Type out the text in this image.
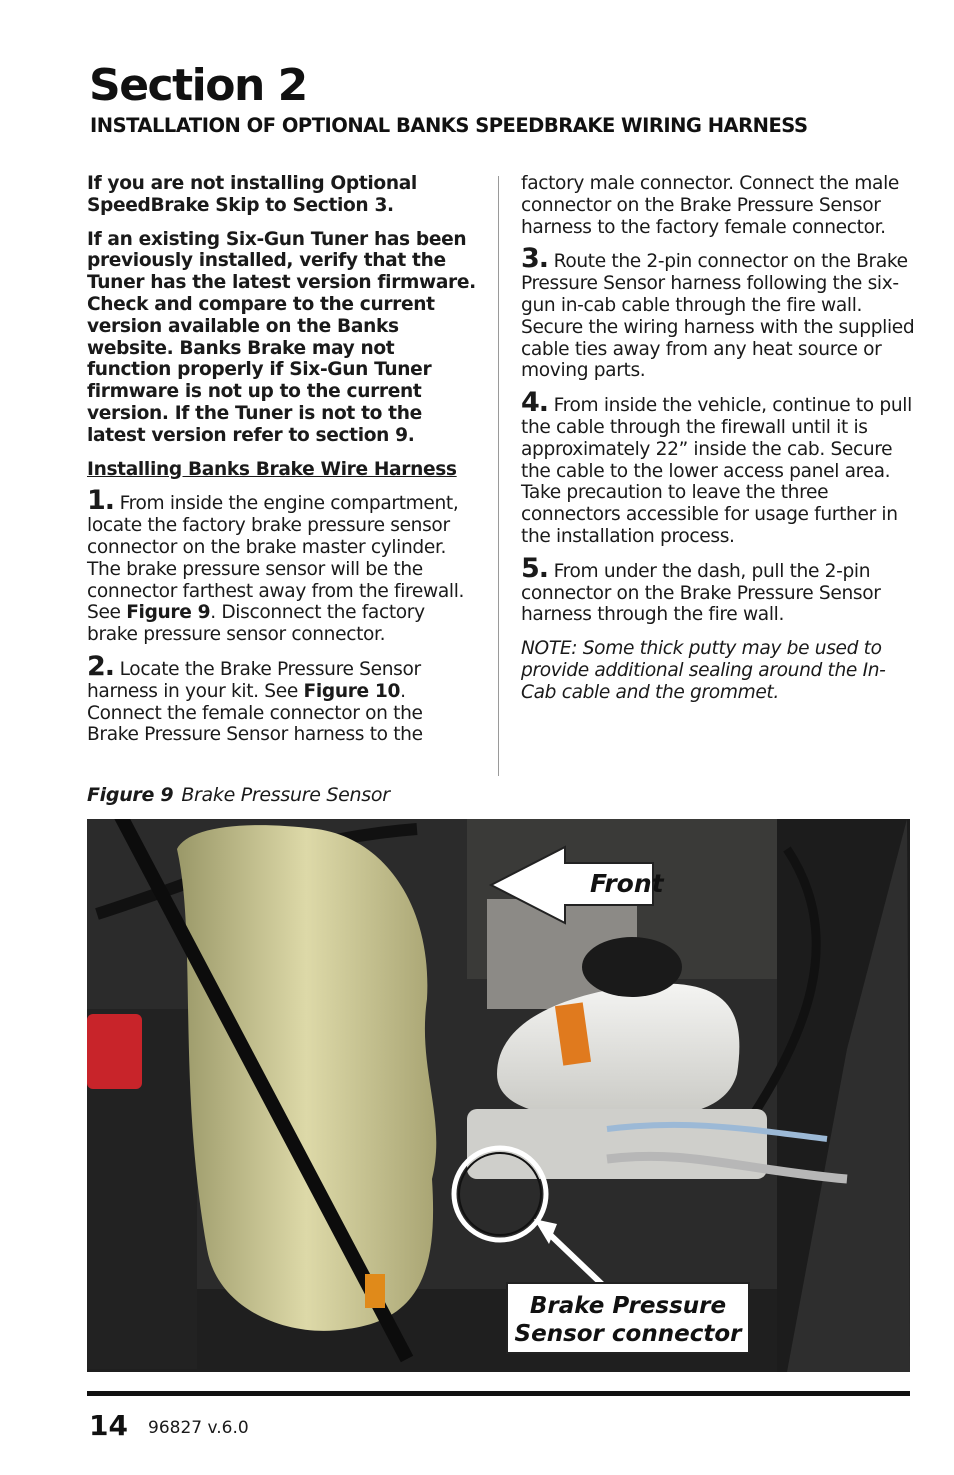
Section 2
INSTALLATION OF OPTIONAL BANKS SPEEDBRAKE WIRING HARNESS

If you are not installing Optional SpeedBrake Skip to Section 3.

If an existing Six-Gun Tuner has been previously installed, verify that the Tuner has the latest version firmware. Check and compare to the current version available on the Banks website. Banks Brake may not function properly if Six-Gun Tuner firmware is not up to the current version. If the Tuner is not to the latest version refer to section 9.

Installing Banks Brake Wire Harness

1. From inside the engine compartment, locate the factory brake pressure sensor connector on the brake master cylinder. The brake pressure sensor will be the connector farthest away from the firewall. See Figure 9. Disconnect the factory brake pressure sensor connector.

2. Locate the Brake Pressure Sensor harness in your kit. See Figure 10. Connect the female connector on the Brake Pressure Sensor harness to the

factory male connector. Connect the male connector on the Brake Pressure Sensor harness to the factory female connector.

3. Route the 2-pin connector on the Brake Pressure Sensor harness following the six-gun in-cab cable through the fire wall. Secure the wiring harness with the supplied cable ties away from any heat source or moving parts.

4. From inside the vehicle, continue to pull the cable through the firewall until it is approximately 22” inside the cab. Secure the cable to the lower access panel area. Take precaution to leave the three connectors accessible for usage further in the installation process.

5. From under the dash, pull the 2-pin connector on the Brake Pressure Sensor harness through the fire wall.

NOTE: Some thick putty may be used to provide additional sealing around the In-Cab cable and the grommet.

Figure 9 Brake Pressure Sensor
Front
Brake Pressure
Sensor connector
14 96827 v.6.0
